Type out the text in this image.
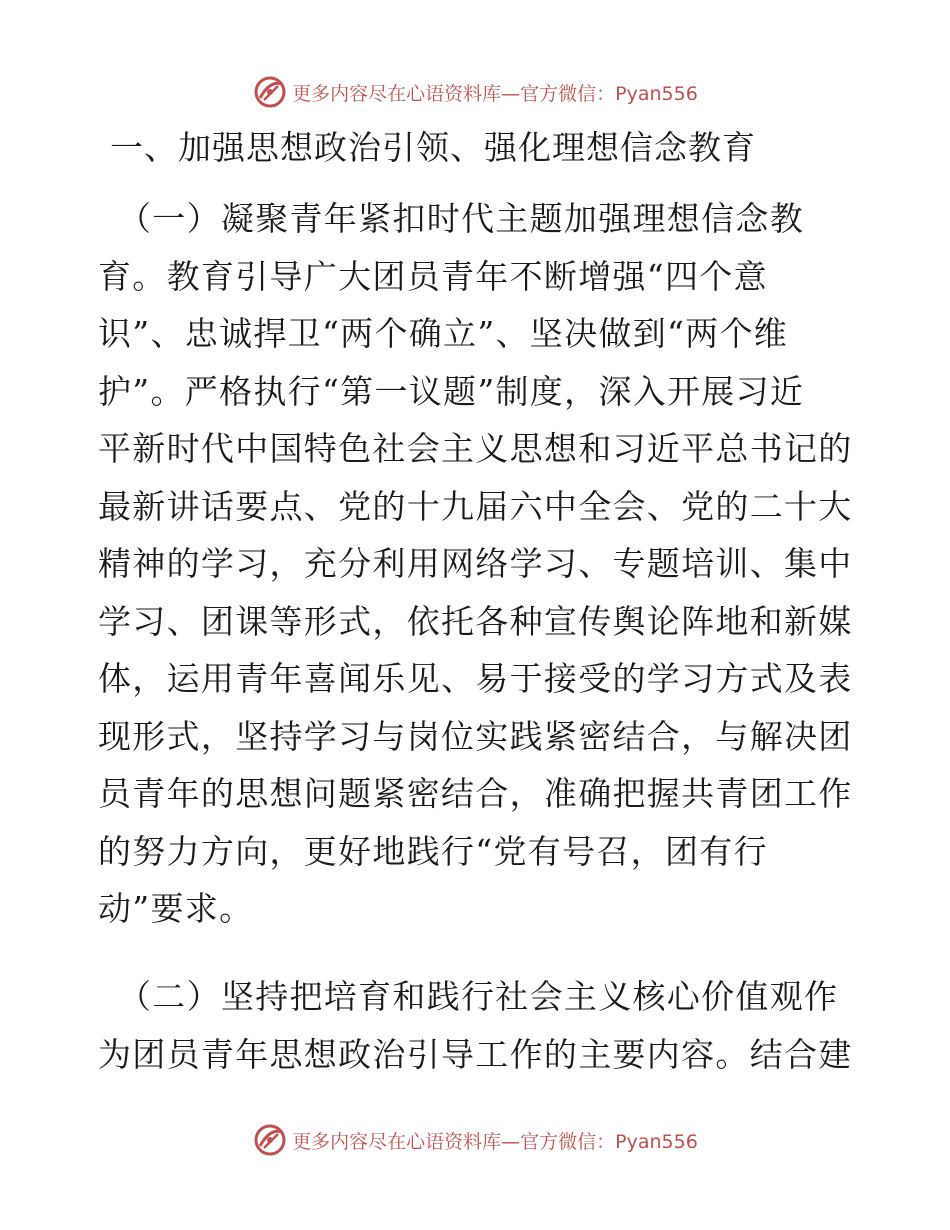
更多内容尽在心语资料库—官方微信：Pyan556
一、加强思想政治引领、强化理想信念教育
（一）凝聚青年紧扣时代主题加强理想信念教
育。教育引导广大团员青年不断增强“四个意
识”、忠诚捍卫“两个确立”、坚决做到“两个维
护”。严格执行“第一议题”制度，深入开展习近
平新时代中国特色社会主义思想和习近平总书记的
最新讲话要点、党的十九届六中全会、党的二十大
精神的学习，充分利用网络学习、专题培训、集中
学习、团课等形式，依托各种宣传舆论阵地和新媒
体，运用青年喜闻乐见、易于接受的学习方式及表
现形式，坚持学习与岗位实践紧密结合，与解决团
员青年的思想问题紧密结合，准确把握共青团工作
的努力方向，更好地践行“党有号召，团有行
动”要求。
（二）坚持把培育和践行社会主义核心价值观作
为团员青年思想政治引导工作的主要内容。结合建
更多内容尽在心语资料库—官方微信：Pyan556
